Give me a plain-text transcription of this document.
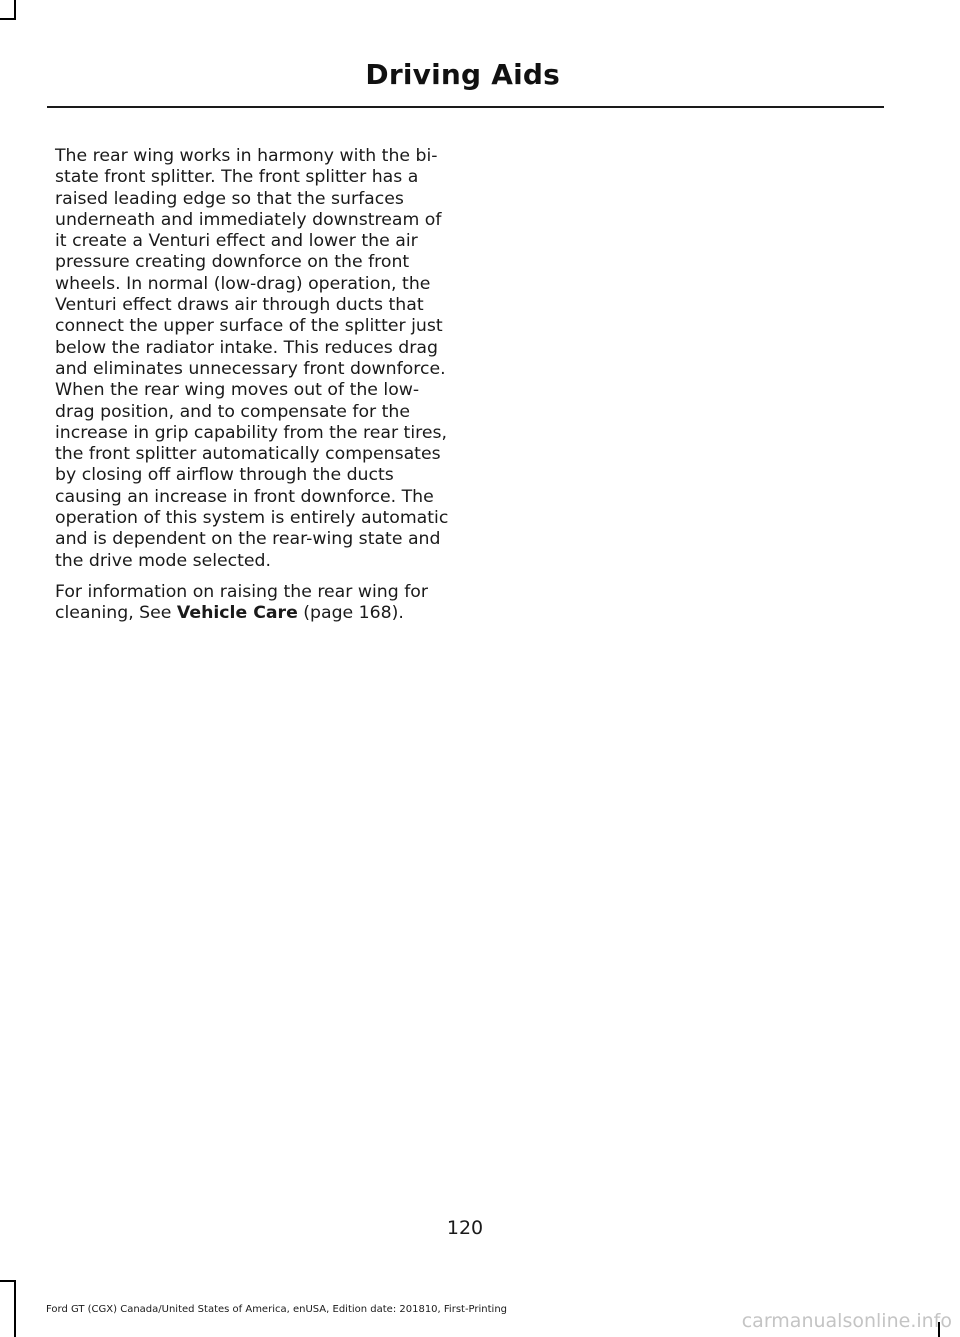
Driving Aids

The rear wing works in harmony with the bi-state front splitter. The front splitter has a raised leading edge so that the surfaces underneath and immediately downstream of it create a Venturi effect and lower the air pressure creating downforce on the front wheels. In normal (low-drag) operation, the Venturi effect draws air through ducts that connect the upper surface of the splitter just below the radiator intake. This reduces drag and eliminates unnecessary front downforce. When the rear wing moves out of the low-drag position, and to compensate for the increase in grip capability from the rear tires, the front splitter automatically compensates by closing off airflow through the ducts causing an increase in front downforce. The operation of this system is entirely automatic and is dependent on the rear-wing state and the drive mode selected.

For information on raising the rear wing for cleaning, See Vehicle Care (page 168).

120
Ford GT (CGX) Canada/United States of America, enUSA, Edition date: 201810, First-Printing
carmanualsonline.info
